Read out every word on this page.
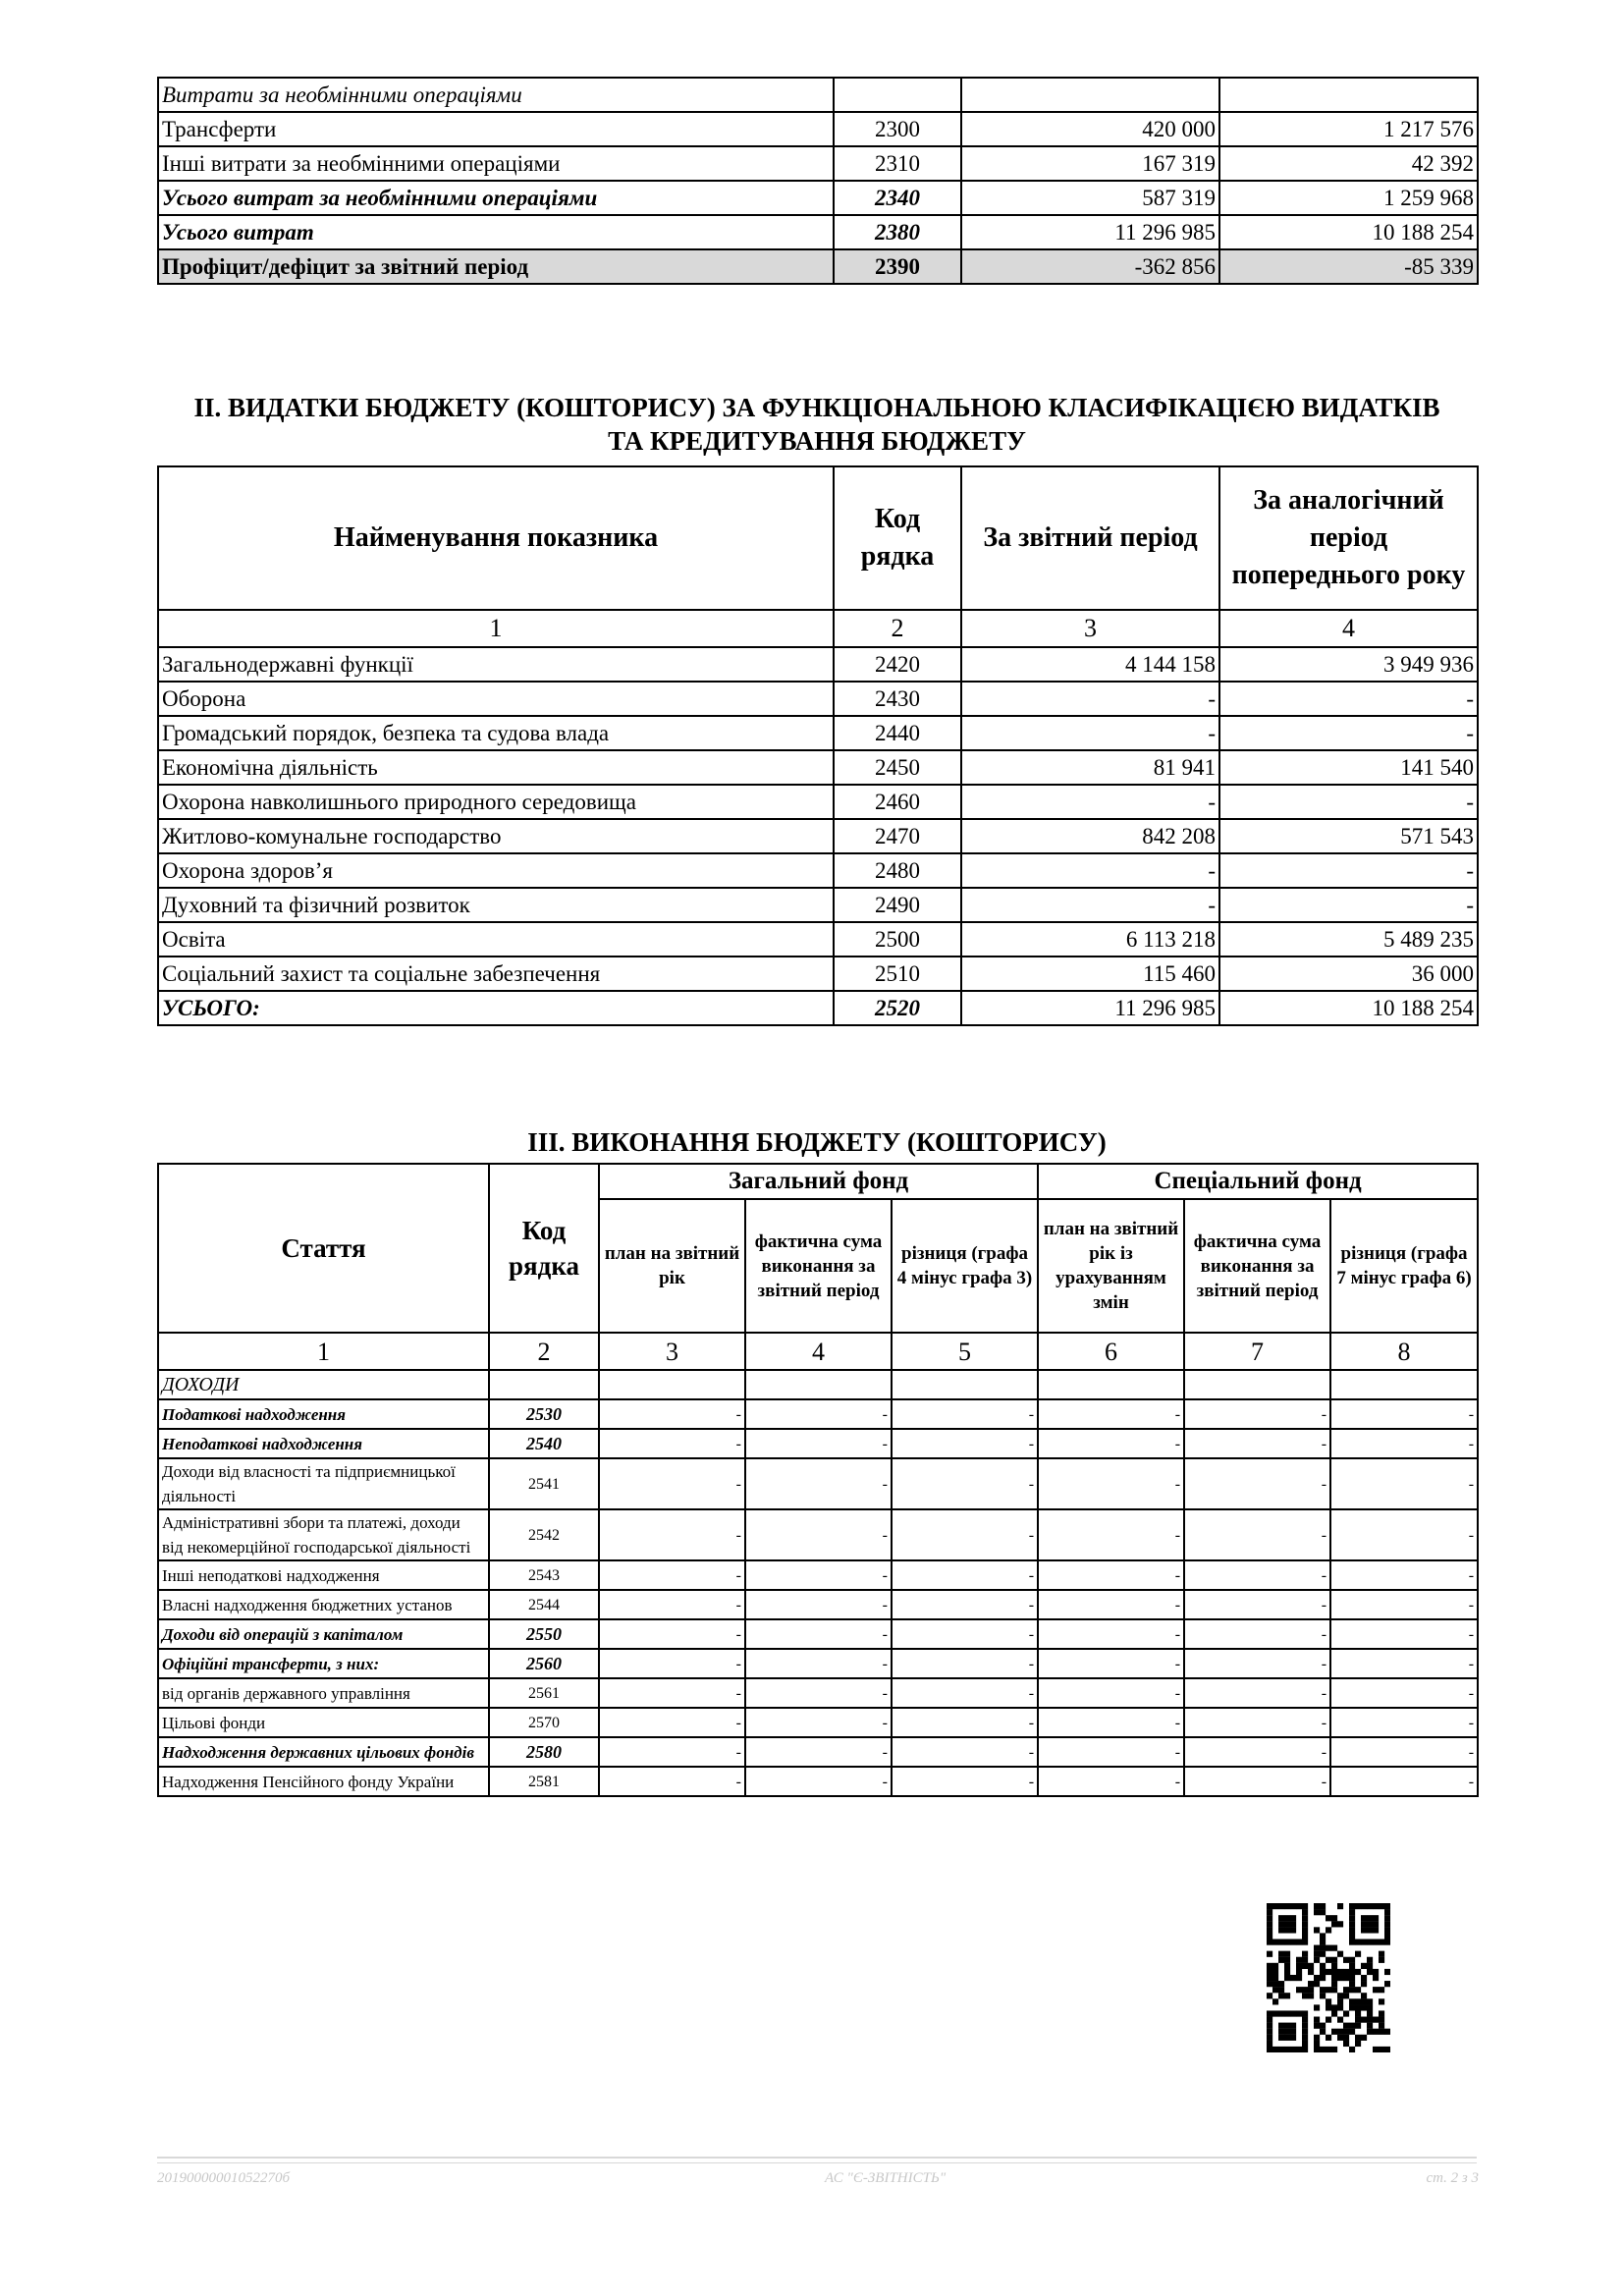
Витрати за необмінними операціями			
Трансферти	2300	420 000	1 217 576
Інші витрати за необмінними операціями	2310	167 319	42 392
Усього витрат за необмінними операціями	2340	587 319	1 259 968
Усього витрат	2380	11 296 985	10 188 254
Профіцит/дефіцит за звітний період	2390	-362 856	-85 339
II. ВИДАТКИ БЮДЖЕТУ (КОШТОРИСУ) ЗА ФУНКЦІОНАЛЬНОЮ КЛАСИФІКАЦІЄЮ ВИДАТКІВ
ТА КРЕДИТУВАННЯ БЮДЖЕТУ
Найменування показника	Код рядка	За звітний період	За аналогічний період попереднього року
1	2	3	4
Загальнодержавні функції	2420	4 144 158	3 949 936
Оборона	2430	-	-
Громадський порядок, безпека та судова влада	2440	-	-
Економічна діяльність	2450	81 941	141 540
Охорона навколишнього природного середовища	2460	-	-
Житлово-комунальне господарство	2470	842 208	571 543
Охорона здоров’я	2480	-	-
Духовний та фізичний розвиток	2490	-	-
Освіта	2500	6 113 218	5 489 235
Соціальний захист та соціальне забезпечення	2510	115 460	36 000
УСЬОГО:	2520	11 296 985	10 188 254
III. ВИКОНАННЯ БЮДЖЕТУ (КОШТОРИСУ)
Стаття	Код рядка	Загальний фонд			Спеціальний фонд		
		план на звітний рік	фактична сума виконання за звітний період	різниця (графа 4 мінус графа 3)	план на звітний рік із урахуванням змін	фактична сума виконання за звітний період	різниця (графа 7 мінус графа 6)
1	2	3	4	5	6	7	8
ДОХОДИ							
Податкові надходження	2530	-	-	-	-	-	-
Неподаткові надходження	2540	-	-	-	-	-	-
Доходи від власності та підприємницької діяльності	2541	-	-	-	-	-	-
Адміністративні збори та платежі, доходи від некомерційної господарської діяльності	2542	-	-	-	-	-	-
Інші неподаткові надходження	2543	-	-	-	-	-	-
Власні надходження бюджетних установ	2544	-	-	-	-	-	-
Доходи від операцій з капіталом	2550	-	-	-	-	-	-
Офіційні трансферти, з них:	2560	-	-	-	-	-	-
від органів державного управління	2561	-	-	-	-	-	-
Цільові фонди	2570	-	-	-	-	-	-
Надходження державних цільових фондів	2580	-	-	-	-	-	-
Надходження Пенсійного фонду України	2581	-	-	-	-	-	-
20190000001052270б	АС "Є-ЗВІТНІСТЬ"	ст. 2 з 3
